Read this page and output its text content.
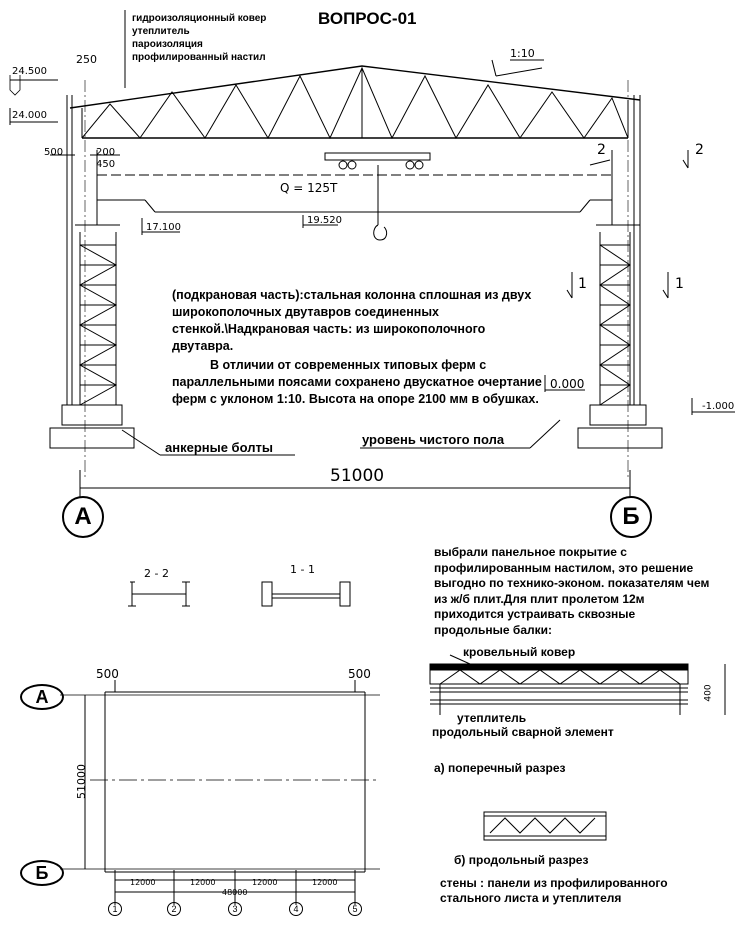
ВОПРОС-01
гидроизоляционный ковер
утеплитель
пароизоляция
профилированный настил	1:10
250
24.500
24.000
500	200
450
Q = 125T
17.100
19.520
2	2
1	1
0.000
-1.000
(подкрановая часть):стальная колонна сплошная из двух широкополочных двутавров соединенных стенкой.\Надкрановая часть: из широкополочного двутавра.
В отличии от современных типовых ферм с параллельными поясами сохранено двускатное очертание ферм с уклоном 1:10. Высота на опоре 2100 мм в обушках.
анкерные болты
уровень чистого пола
51000
А	Б
2 - 2	1 - 1
выбрали панельное покрытие с профилированным настилом, это решение выгодно по технико-эконом. показателям чем из ж/б плит.Для плит пролетом 12м приходится устраивать сквозные продольные балки:
кровельный ковер
утеплитель
продольный сварной элемент
400
а) поперечный разрез
б) продольный разрез
стены : панели из профилированного стального листа и утеплителя
А
Б
500	500
51000
12000	12000	12000	12000
48000
1	2	3	4	5
